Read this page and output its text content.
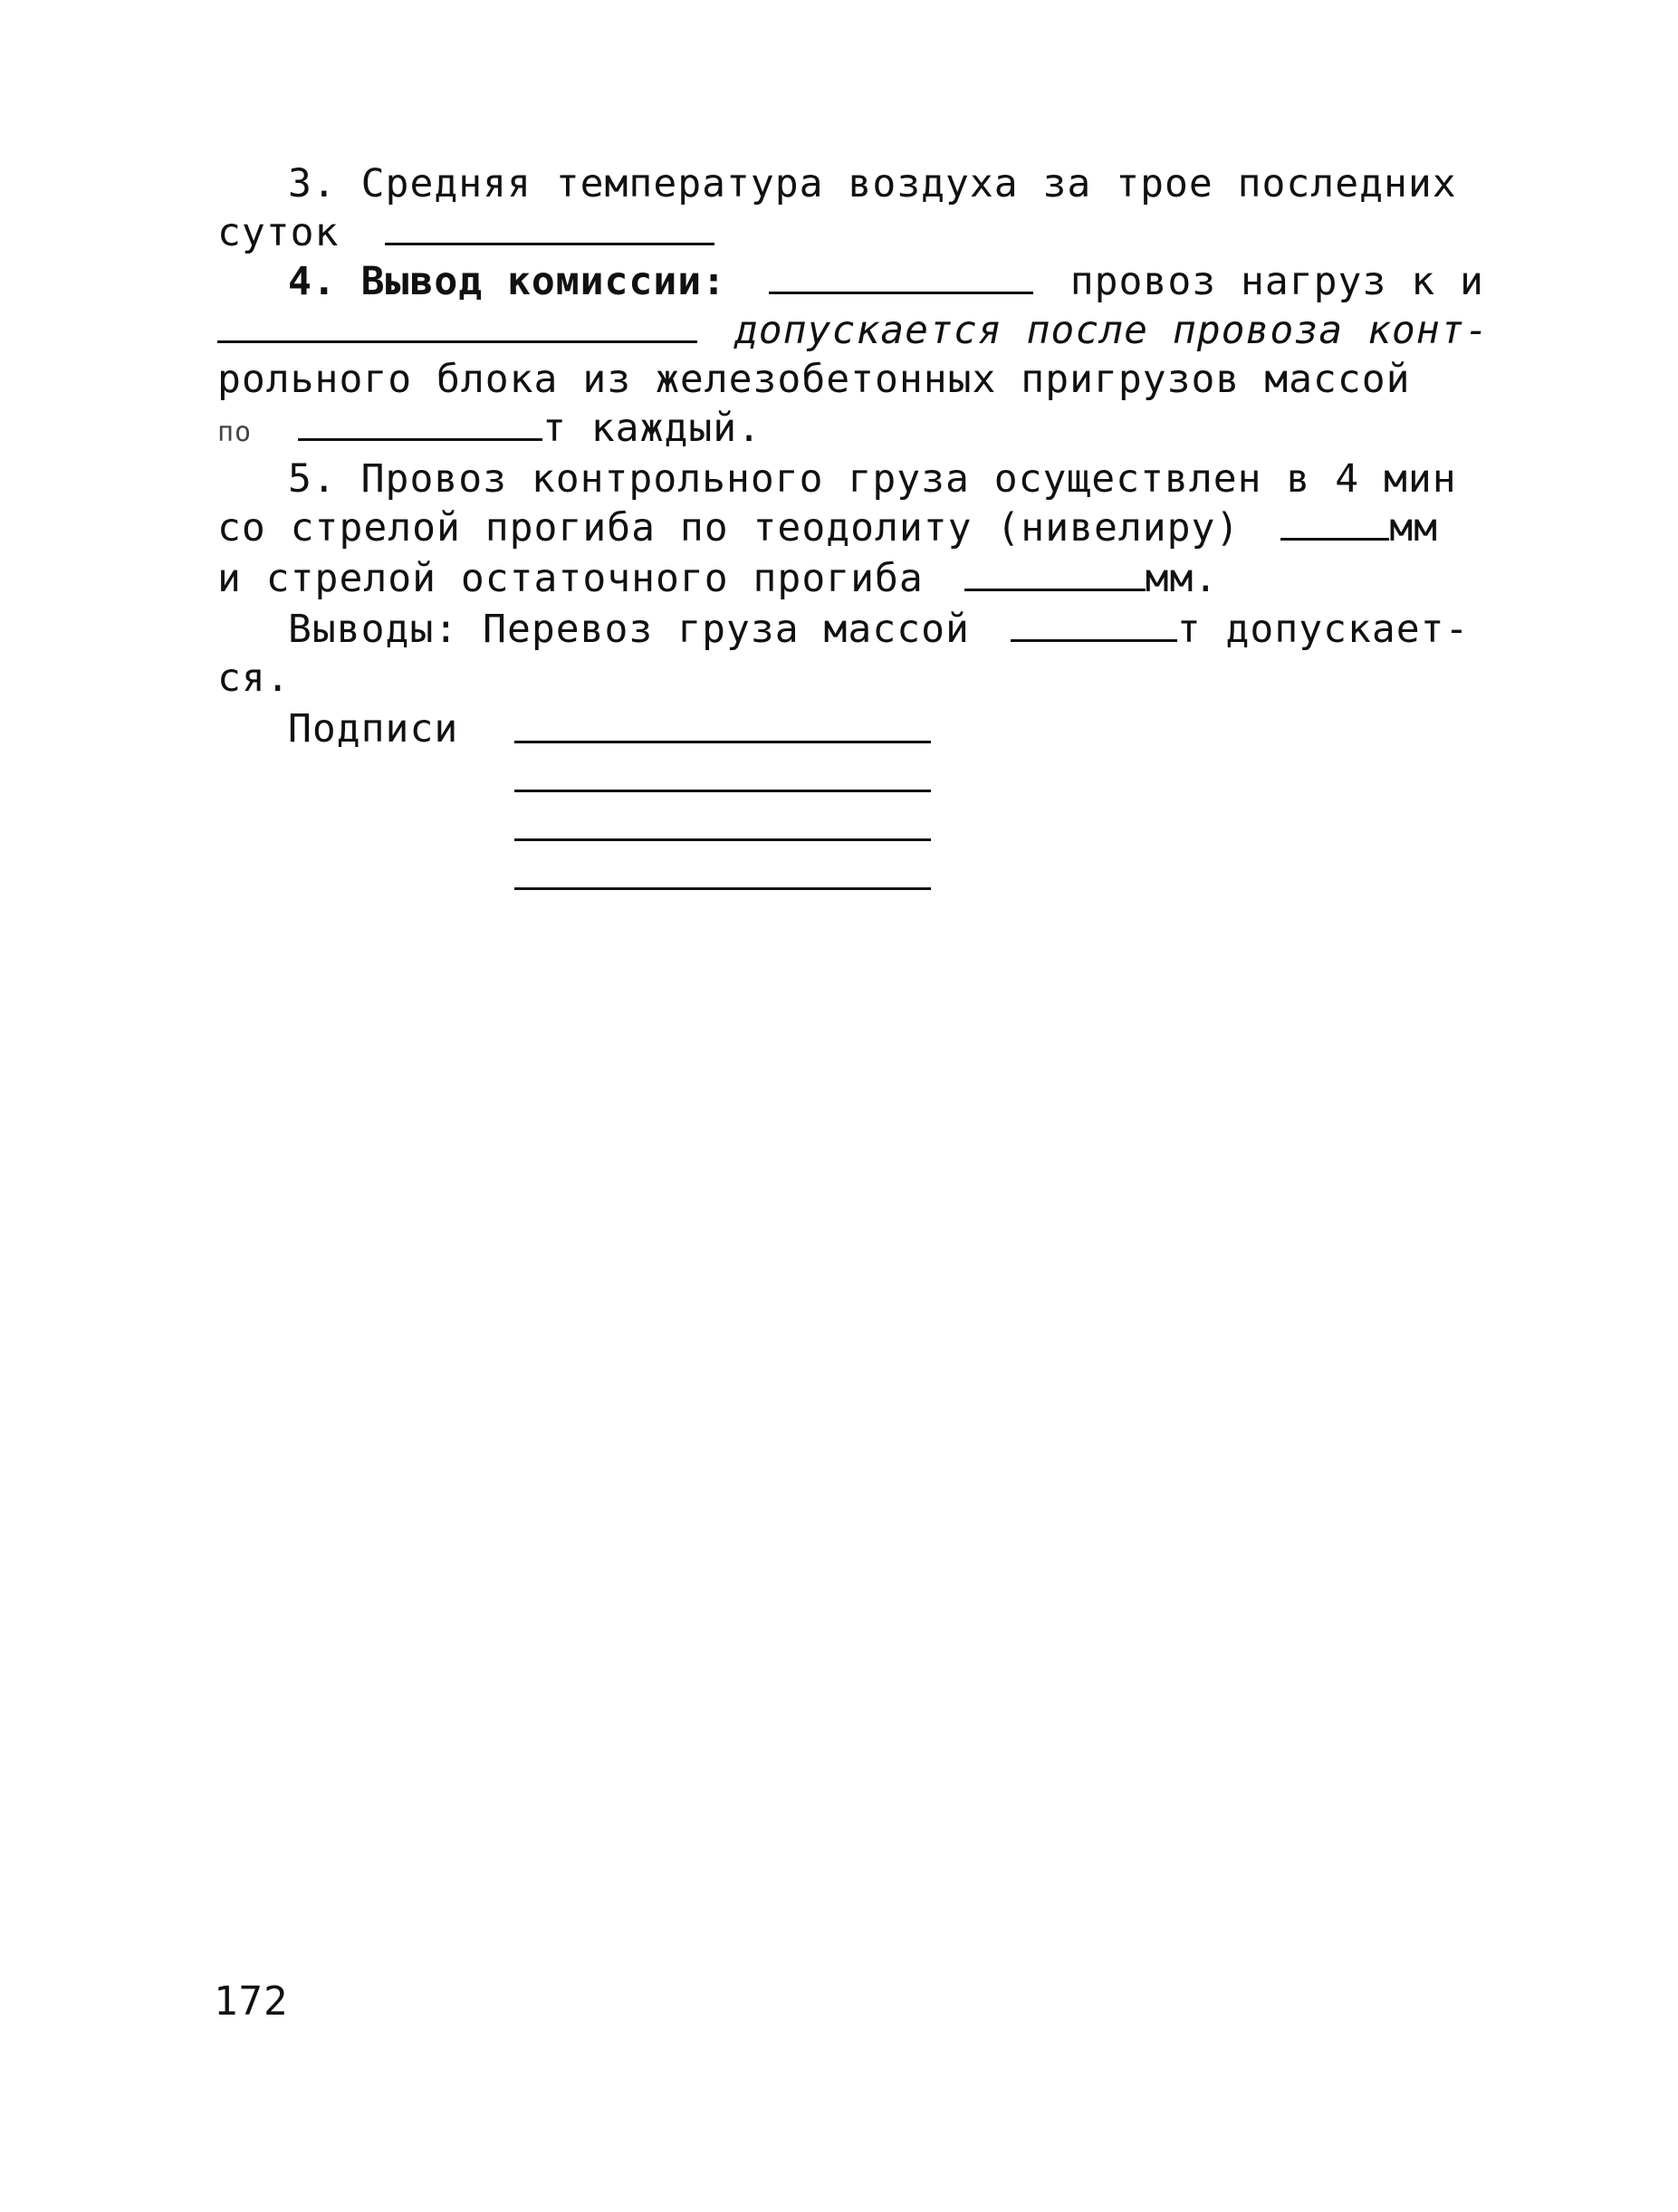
3. Средняя температура воздуха за трое последних
суток
4. Вывод комиссии:	провоз нагруз к и
допускается после провоза конт-
рольного блока из железобетонных пригрузов массой
по	т каждый.
5. Провоз контрольного груза осуществлен в 4 мин
со стрелой прогиба по теодолиту (нивелиру)	мм
и стрелой остаточного прогиба	мм.
Выводы: Перевоз груза массой	т допускает-
ся.
Подписи
172
